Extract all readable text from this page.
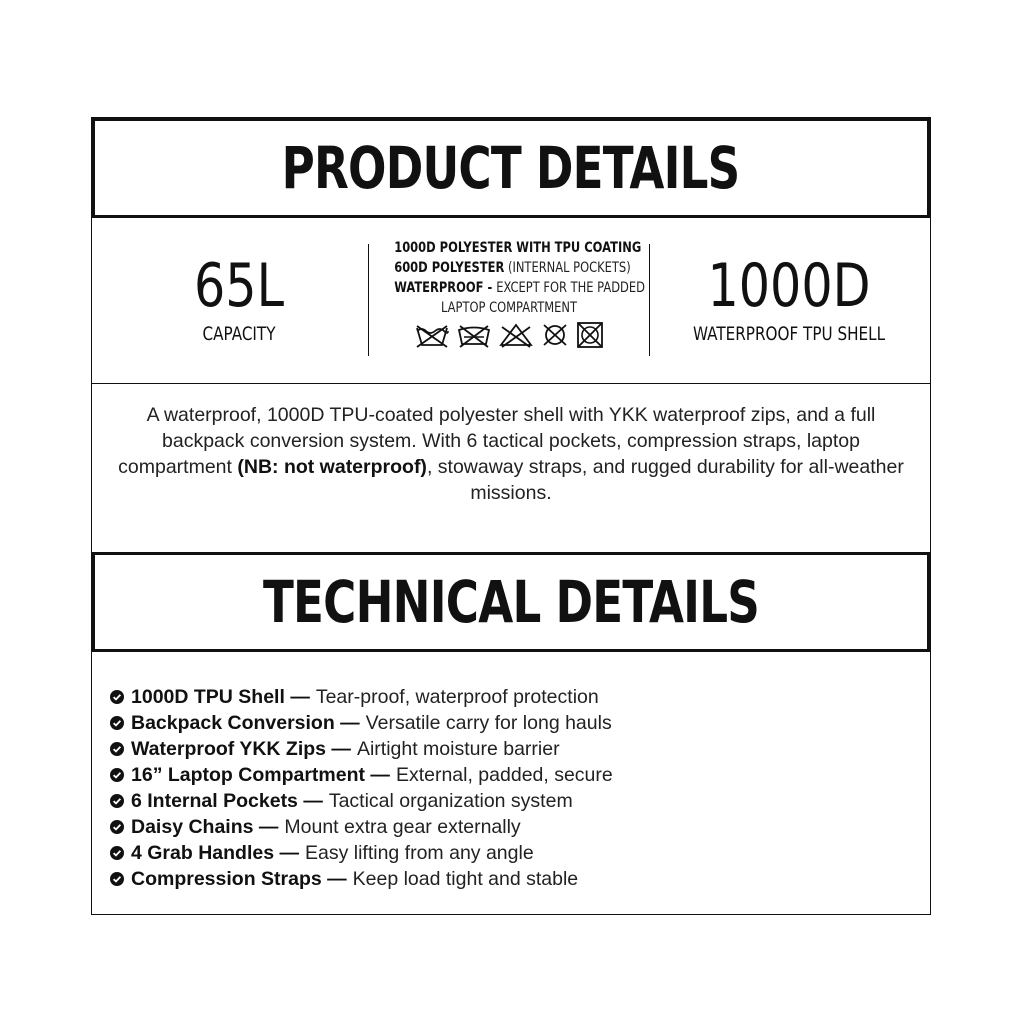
PRODUCT DETAILS
65L
CAPACITY
1000D POLYESTER WITH TPU COATING
600D POLYESTER (INTERNAL POCKETS)
WATERPROOF - EXCEPT FOR THE PADDED
LAPTOP COMPARTMENT	1000D
WATERPROOF TPU SHELL

A waterproof, 1000D TPU-coated polyester shell with YKK waterproof zips, and a full backpack conversion system. With 6 tactical pockets, compression straps, laptop compartment (NB: not waterproof), stowaway straps, and rugged durability for all-weather missions.

TECHNICAL DETAILS
1000D TPU Shell — Tear-proof, waterproof protection
Backpack Conversion — Versatile carry for long hauls
Waterproof YKK Zips — Airtight moisture barrier
16” Laptop Compartment — External, padded, secure
6 Internal Pockets — Tactical organization system
Daisy Chains — Mount extra gear externally
4 Grab Handles — Easy lifting from any angle
Compression Straps — Keep load tight and stable
